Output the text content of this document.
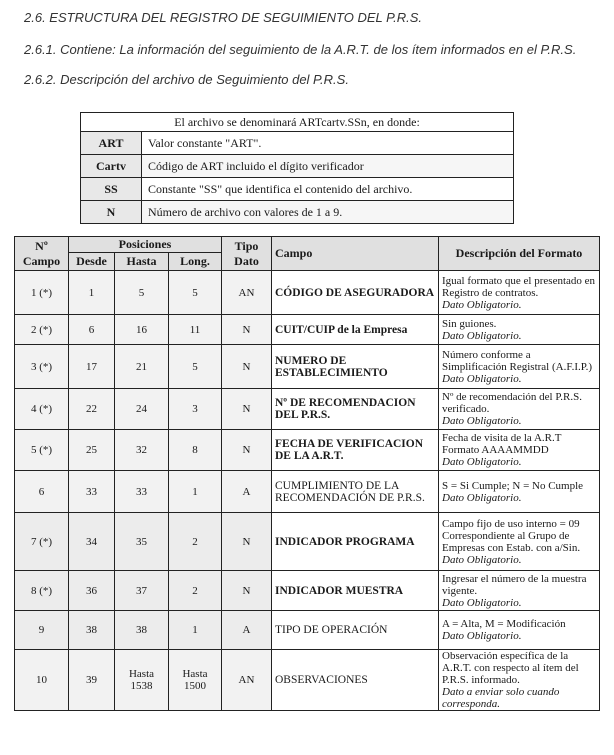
2.6. ESTRUCTURA DEL REGISTRO DE SEGUIMIENTO DEL P.R.S.
2.6.1. Contiene: La información del seguimiento de la A.R.T. de los ítem informados en el P.R.S.
2.6.2. Descripción del archivo de Seguimiento del P.R.S.
El archivo se denominará ARTcartv.SSn, en donde:	
ART	Valor constante "ART".
Cartv	Código de ART incluido el dígito verificador
SS	Constante "SS" que identifica el contenido del archivo.
N	Número de archivo con valores de 1 a 9.
Nº Campo	Posiciones			Tipo Dato	Campo	Descripción del Formato
	Desde	Hasta	Long.			
1 (*)	1	5	5	AN	CÓDIGO DE ASEGURADORA	Igual formato que el presentado en Registro de contratos.
Dato Obligatorio.

2 (*)	6	16	11	N	CUIT/CUIP de la Empresa	Sin guiones.
Dato Obligatorio.

3 (*)	17	21	5	N	NUMERO DE ESTABLECIMIENTO	Número conforme a Simplificación Registral (A.F.I.P.)
Dato Obligatorio.

4 (*)	22	24	3	N	Nº DE RECOMENDACION DEL P.R.S.	Nº de recomendación del P.R.S. verificado.
Dato Obligatorio.

5 (*)	25	32	8	N	FECHA DE VERIFICACION DE LA A.R.T.	Fecha de visita de la A.R.T Formato AAAAMMDD
Dato Obligatorio.

6	33	33	1	A	CUMPLIMIENTO DE LA RECOMENDACIÓN DE P.R.S.	S = Si Cumple; N = No Cumple
Dato Obligatorio.

7 (*)	34	35	2	N	INDICADOR PROGRAMA	Campo fijo de uso interno = 09 Correspondiente al Grupo de Empresas con Estab. con a/Sin.
Dato Obligatorio.

8 (*)	36	37	2	N	INDICADOR MUESTRA	Ingresar el número de la muestra vigente.
Dato Obligatorio.

9	38	38	1	A	TIPO DE OPERACIÓN	A = Alta, M = Modificación
Dato Obligatorio.

10	39	Hasta 1538	Hasta 1500	AN	OBSERVACIONES	Observación específica de la A.R.T. con respecto al ítem del P.R.S. informado.
Dato a enviar solo cuando corresponda.
